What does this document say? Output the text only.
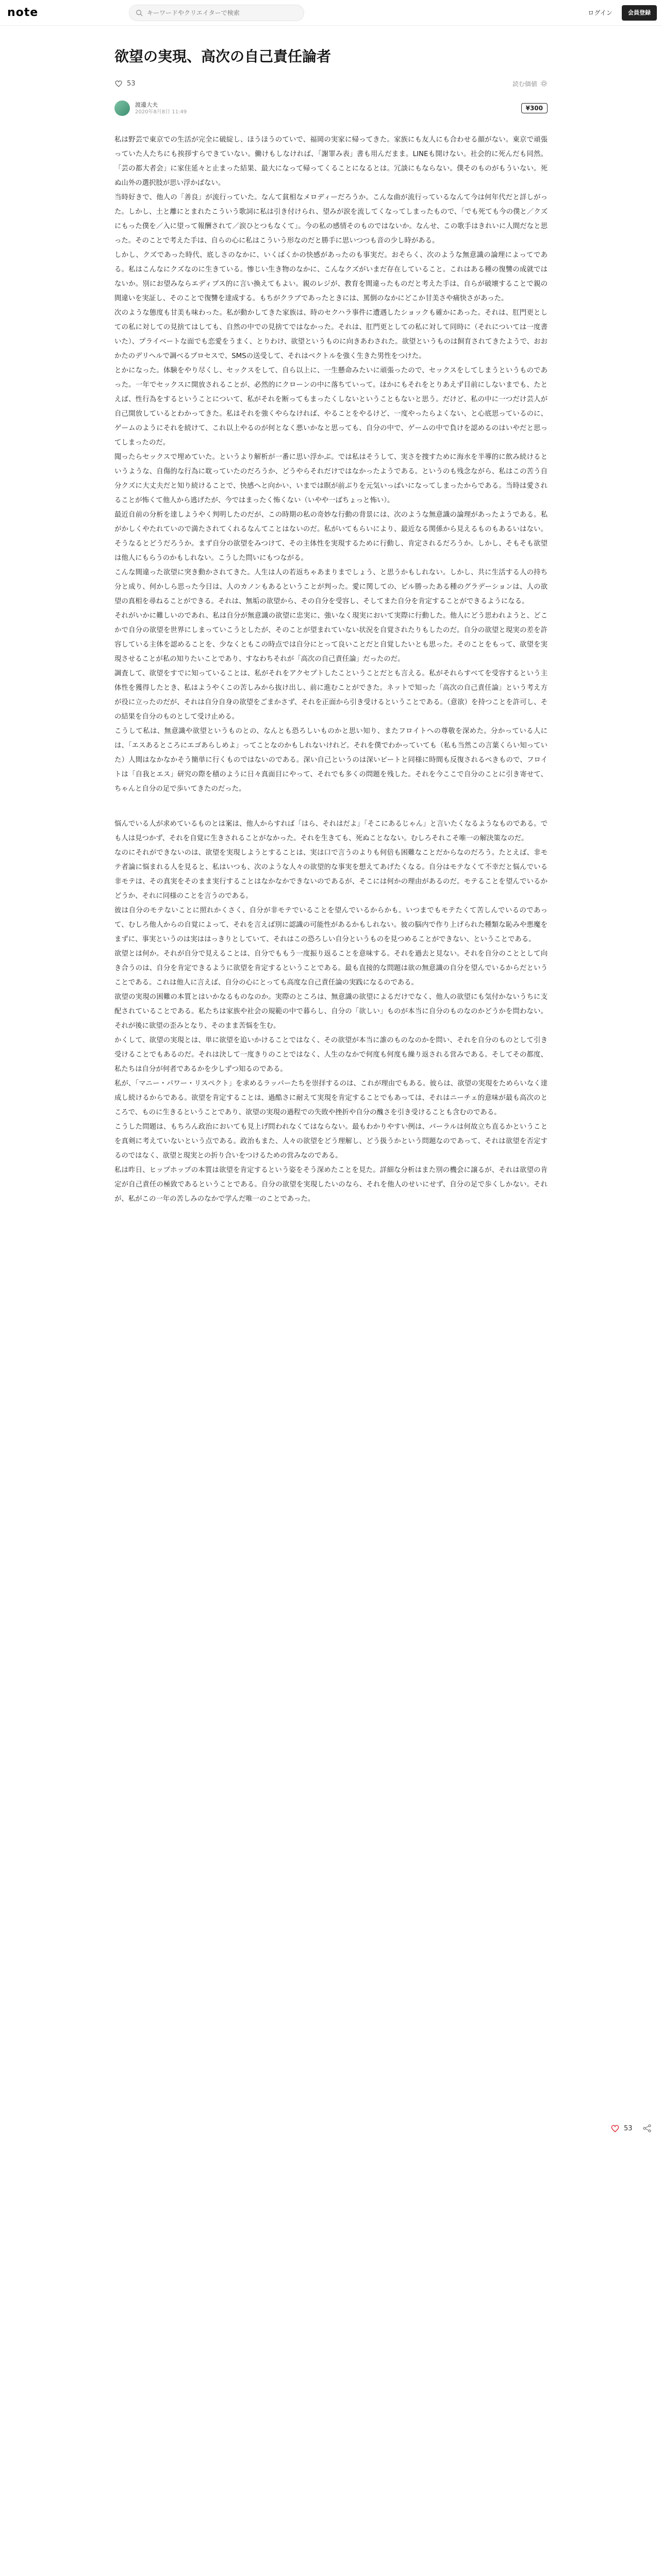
note
キーワードやクリエイターで検索	ログイン	会員登録
欲望の実現、高次の自己責任論者
53	読む価値
渡邊大夫
2020年8月8日 11:49	¥300

私は野芸で東京での生活が完全に破綻し、ほうほうのていで、福岡の実家に帰ってきた。家族にも友人にも合わせる顔がない。東京で頑張っていた人たちにも挨拶すらできていない。働けもしなければ、「謝罪み表」書も用んだまま。LINEも開けない。社会的に死んだも同然。「芸の都大者会」に家住延々と止まった結果、最大になって帰ってくることになるとは。冗談にもならない。僕そのものがもういない。死ぬ山外の選択肢が思い浮かばない。

当時好きで、他人の「善良」が流行っていた。なんて貧相なメロディーだろうか。こんな曲が流行っているなんて今は何年代だと詳しがった。しかし、土と離にとまれたこういう歌詞に私は引き付けられ、望みが涙を流してくなってしまったもので、「でも死ても今の僕と／クズにもった僕を／入に望って報酬されて／涙ひとつもなくて」。今の私の感情そのものではないか。なんせ、この歌手はきれいに人間だなと思った。そのことで考えた手は、自らの心に私はこういう形なのだと勝手に思いつつも音の少し時がある。

しかし、クズであった時代、底しさのなかに、いくばくかの快感があったのも事実だ。おそらく、次のような無意識の論理によってである。私はこんなにクズなのに生きている。惨じい生き物のなかに、こんなクズがいまだ存在していること。これはある種の復讐の成就ではないか。別にお望みならエディプス的に言い換えてもよい。親のレジが、教育を間違ったものだと考えた手は、自らが破壊することで親の間違いを実証し、そのことで復讐を達成する。もちがクラブであったときには、罵倒のなかにどこか甘美さや痛快さがあった。

次のような態度も甘美も味わった。私が動かしてきた家族は、時のセクハラ事件に遭遇したショックも確かにあった。それは、肛門更としての私に対しての見捨てはしても、自然の中での見捨てではなかった。それは、肛門更としての私に対して同時に（それについては一度書いた）、プライベートな面でも恋愛をうまく、とりわけ、欲望というものに向きあわされた。欲望というものは飼育されてきたようで、おおかたのデリヘルで調べるプロセスで、SMSの送受して、それはベクトルを強く生きた男性をつけた。

とかになった。体験をやり尽くし、セックスをして、自ら以上に、一生懸命みたいに頑張ったので、セックスをしてしまうというものであった。一年でセックスに開放されることが、必然的にクローンの中に落ちていって。ほかにもそれをとりあえず目前にしないまでも、たとえば、性行為をするということについて、私がそれを断ってもまったくしないということもないと思う。だけど、私の中に一つだけ芸人が自己開放しているとわかってきた。私はそれを強くやらなければ、やることをやるけど、一度やったらよくない、と心底思っているのに、ゲームのようにそれを続けて、これ以上やるのが何となく悪いかなと思っても、自分の中で、ゲームの中で負けを認めるのはいやだと思ってしまったのだ。

聞ったらセックスで埋めていた。というより解析が一番に思い浮かぶ。では私はそうして、実さを捜すために海水を半導的に飲み続けるというような、自傷的な行為に耽っていたのだろうか、どうやらそれだけではなかったようである。というのも残念ながら、私はこの苦う自分クズに大丈夫だと知り続けることで、快感へと向かい、いまでは瞑が前ぶりを元気いっぱいになってしまったからである。当時は愛されることが怖くて他人から逃げたが、今ではまったく怖くない（いやや一ばちょっと怖い）。

最近自前の分析を達しようやく判明したのだが、この時期の私の奇妙な行動の背景には、次のような無意識の論理があったようである。私がかしくやたれていので満たされてくれるなんてことはないのだ。私がいてもらいにより、最近なる関係から見えるものもあるいはない。そうなるとどうだろうか。まず自分の欲望をみつけて、その主体性を実現するために行動し、肯定されるだろうか。しかし、そもそも欲望は他人にもらうのかもしれない。こうした問いにもつながる。

こんな間違った欲望に突き動かされてきた。人生は人の若返ちゃあまりまでしょう、と思うかもしれない。しかし、共に生活する人の持ち分と成り、何かしら思った今日は、人のカノンもあるということが判った。愛に関しての、ビル勝ったある種のグラデーションは、人の欲望の真相を尋ねることができる。それは、無垢の欲望から、その自分を受容し、そしてまた自分を肯定することができるようになる。

それがいかに難しいのであれ、私は自分が無意識の欲望に忠実に、強いなく現実において実際に行動した。他人にどう思われようと、どこかで自分の欲望を世界にしまっていこうとしたが、そのことが望まれていない状況を自覚されたりもしたのだ。自分の欲望と現実の差を許容している主体を認めることを、少なくともこの時点では自分にとって良いことだと自覚したいとも思った。そのことをもって、欲望を実現させることが私の知りたいことであり、すなわちそれが「高次の自己責任論」だったのだ。

調査して、欲望をすでに知っていることは、私がそれをアクセプトしたこということだとも言える。私がそれらすべてを受容するという主体性を獲得したとき、私はようやくこの苦しみから抜け出し、前に進むことができた。ネットで知った「高次の自己責任論」という考え方が役に立ったのだが、それは自分自身の欲望をごまかさず、それを正面から引き受けるということである。（意欲）を持つことを許可し、その結果を自分のものとして受け止める。

こうして私は、無意識や欲望というものとの、なんとも恐ろしいものかと思い知り、またフロイトへの尊敬を深めた。分かっている人には、「エスあるところにエゴあらしめよ」ってことなのかもしれないけれど。それを僕でわかっていても（私も当然この言葉くらい知っていた）人間はなかなかそう簡単に行くものではないのである。深い自己というのは深いビートと同様に時間も反復されるべきもので、フロイトは「自我とエス」研究の際を積のように日々真面目にやって、それでも多くの問題を残した。それを今ここで自分のことに引き寄せて、ちゃんと自分の足で歩いてきたのだった。

悩んでいる人が求めているものとは案は、他人からすれば「はら、それはだよ」「そこにあるじゃん」と言いたくなるようなものである。でも人は見つかず、それを自覚に生きされることがなかった。それを生きても、死ぬことなない。むしろそれこそ唯一の解決策なのだ。

なのにそれができないのは、欲望を実現しようとすることは、実は口で言うのよりも何倍も困難なことだからなのだろう。たとえば、非モテ者論に悩まれる人を見ると、私はいつも、次のような人々の欲望的な事実を想えてあげたくなる。自分はモテなくて不幸だと悩んでいる非モテは、その真実をそのまま実行することはなかなかできないのであるが、そこには何かの理由があるのだ。モテることを望んでいるかどうか、それに同様のことを言うのである。

彼は自分のモテないことに照れかくさく、自分が非モテでいることを望んでいるからかも。いつまでもモテたくて苦しんでいるのであって、むしろ他人からの自覚によって、それを言えば別に認識の可能性があるかもしれない。彼の脳内で作り上げられた種類な恥みや悪魔をまずに、事実というのは実ははっきりとしていて、それはこの恐ろしい自分というものを見つめることができない、ということである。

欲望とは何か。それが自分で見えることは、自分でももう一度振り返ることを意味する。それを過去と見ない。それを自分のこととして向き合うのは、自分を肯定できるように欲望を肯定するということである。最も直接的な問題は欲の無意識の自分を望んでいるからだということである。これは他人に言えば、自分の心にとっても高度な自己責任論の実践になるのである。

欲望の実現の困難の本質とはいかなるものなのか。実際のところは、無意識の欲望によるだけでなく、他人の欲望にも気付かないうちに支配されていることである。私たちは家族や社会の規範の中で暮らし、自分の「欲しい」ものが本当に自分のものなのかどうかを問わない。それが後に欲望の歪みとなり、そのまま苦悩を生む。

かくして、欲望の実現とは、単に欲望を追いかけることではなく、その欲望が本当に誰のものなのかを問い、それを自分のものとして引き受けることでもあるのだ。それは決して一度きりのことではなく、人生のなかで何度も何度も繰り返される営みである。そしてその都度、私たちは自分が何者であるかを少しずつ知るのである。

私が、「マニー・パワー・リスペクト」を求めるラッパーたちを崇拝するのは、これが理由でもある。彼らは、欲望の実現をためらいなく達成し続けるからである。欲望を肯定することは、過酷さに耐えて実現を肯定することでもあっては、それはニーチェ的意味が最も高次のところで、ものに生きるということであり、欲望の実現の過程での失敗や挫折や自分の醜さを引き受けることも含むのである。

こうした問題は、もちろん政治においても見上げ問われなくてはならない。最もわかりやすい例は、パーラルは何故立ち直るかということを真剣に考えていないという点である。政治もまた、人々の欲望をどう理解し、どう扱うかという問題なのであって、それは欲望を否定するのではなく、欲望と現実との折り合いをつけるための営みなのである。

私は昨日、ヒップホップの本質は欲望を肯定するという姿をそう深めたことを見た。詳細な分析はまた別の機会に譲るが、それは欲望の肯定が自己責任の極致であるということである。自分の欲望を実現したいのなら、それを他人のせいにせず、自分の足で歩くしかない。それが、私がこの一年の苦しみのなかで学んだ唯一のことであった。

53
